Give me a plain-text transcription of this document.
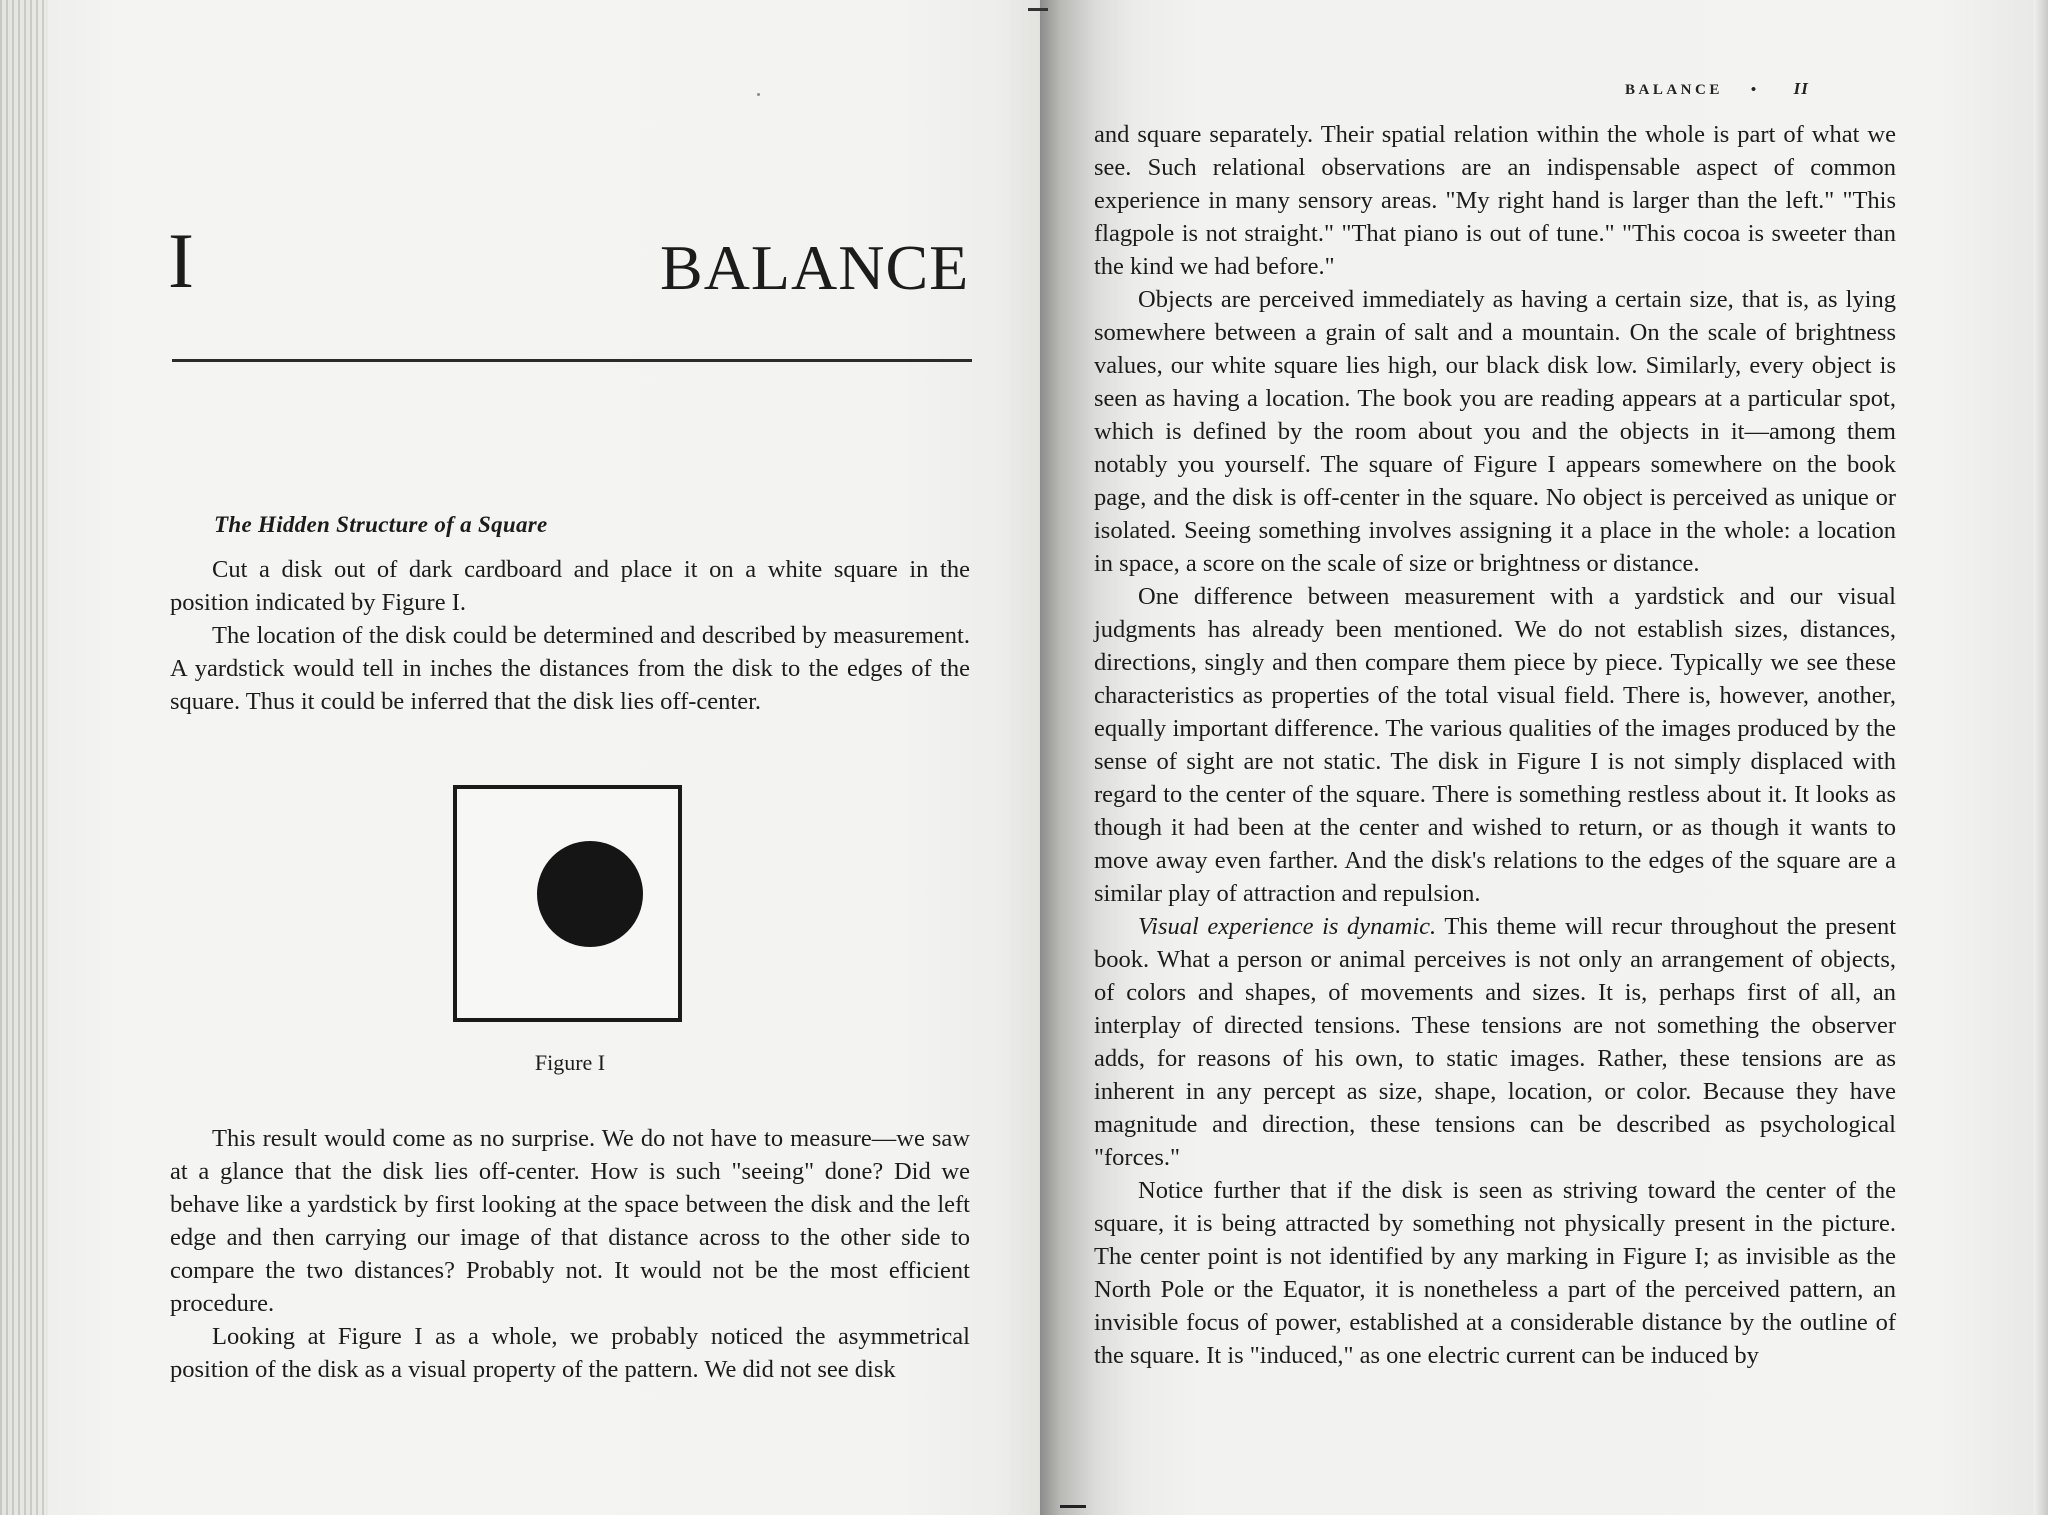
I	BALANCE

The Hidden Structure of a Square

Cut a disk out of dark cardboard and place it on a white square in the position indicated by Figure I.

The location of the disk could be determined and described by measurement. A yardstick would tell in inches the distances from the disk to the edges of the square. Thus it could be inferred that the disk lies off-center.

Figure I

This result would come as no surprise. We do not have to measure—we saw at a glance that the disk lies off-center. How is such "seeing" done? Did we behave like a yardstick by first looking at the space between the disk and the left edge and then carrying our image of that distance across to the other side to compare the two distances? Probably not. It would not be the most efficient procedure.

Looking at Figure I as a whole, we probably noticed the asymmetrical position of the disk as a visual property of the pattern. We did not see disk

BALANCE • II

and square separately. Their spatial relation within the whole is part of what we see. Such relational observations are an indispensable aspect of common experience in many sensory areas. "My right hand is larger than the left." "This flagpole is not straight." "That piano is out of tune." "This cocoa is sweeter than the kind we had before."

Objects are perceived immediately as having a certain size, that is, as lying somewhere between a grain of salt and a mountain. On the scale of brightness values, our white square lies high, our black disk low. Similarly, every object is seen as having a location. The book you are reading appears at a particular spot, which is defined by the room about you and the objects in it—among them notably you yourself. The square of Figure I appears somewhere on the book page, and the disk is off-center in the square. No object is perceived as unique or isolated. Seeing something involves assigning it a place in the whole: a location in space, a score on the scale of size or brightness or distance.

One difference between measurement with a yardstick and our visual judgments has already been mentioned. We do not establish sizes, distances, directions, singly and then compare them piece by piece. Typically we see these characteristics as properties of the total visual field. There is, however, another, equally important difference. The various qualities of the images produced by the sense of sight are not static. The disk in Figure I is not simply displaced with regard to the center of the square. There is something restless about it. It looks as though it had been at the center and wished to return, or as though it wants to move away even farther. And the disk's relations to the edges of the square are a similar play of attraction and repulsion.

Visual experience is dynamic. This theme will recur throughout the present book. What a person or animal perceives is not only an arrangement of objects, of colors and shapes, of movements and sizes. It is, perhaps first of all, an interplay of directed tensions. These tensions are not something the observer adds, for reasons of his own, to static images. Rather, these tensions are as inherent in any percept as size, shape, location, or color. Because they have magnitude and direction, these tensions can be described as psychological "forces."

Notice further that if the disk is seen as striving toward the center of the square, it is being attracted by something not physically present in the picture. The center point is not identified by any marking in Figure I; as invisible as the North Pole or the Equator, it is nonetheless a part of the perceived pattern, an invisible focus of power, established at a considerable distance by the outline of the square. It is "induced," as one electric current can be induced by
